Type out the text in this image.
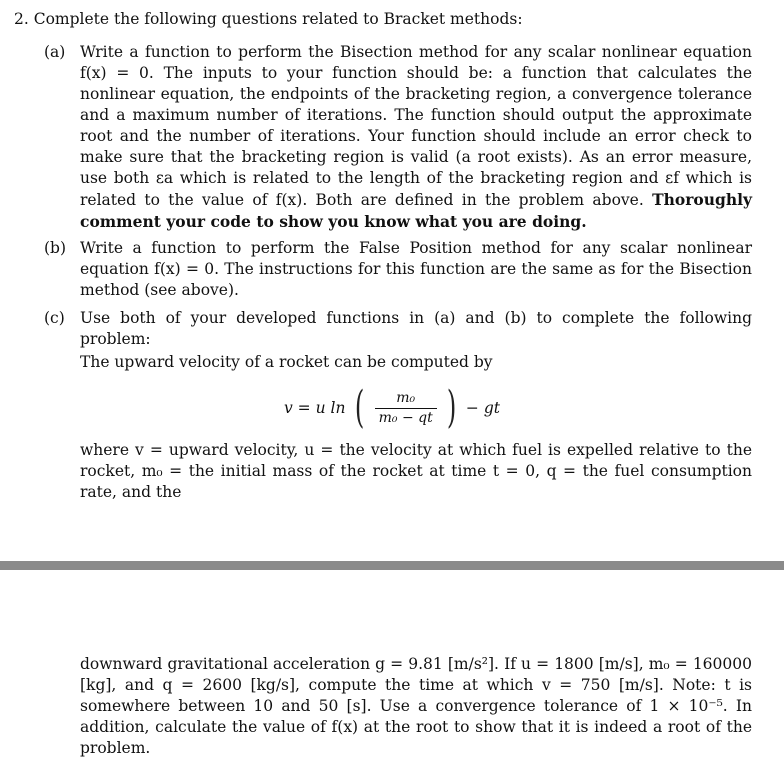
2. Complete the following questions related to Bracket methods:
(a) Write a function to perform the Bisection method for any scalar nonlinear equation f(x) = 0. The inputs to your function should be: a function that calculates the nonlinear equation, the endpoints of the bracketing region, a convergence tolerance and a maximum number of iterations. The function should output the approximate root and the number of iterations. Your function should include an error check to make sure that the bracketing region is valid (a root exists). As an error measure, use both εa which is related to the length of the bracketing region and εf which is related to the value of f(x). Both are defined in the problem above. Thoroughly comment your code to show you know what you are doing.
(b) Write a function to perform the False Position method for any scalar nonlinear equation f(x) = 0. The instructions for this function are the same as for the Bisection method (see above).
(c) Use both of your developed functions in (a) and (b) to complete the following problem:
The upward velocity of a rocket can be computed by
v = u ln ( $\frac{\text{m₀}}{\text{m₀ − qt}}$ ) − gt
where v = upward velocity, u = the velocity at which fuel is expelled relative to the rocket, m₀ = the initial mass of the rocket at time t = 0, q = the fuel consumption rate, and the
downward gravitational acceleration g = 9.81 [m/s²]. If u = 1800 [m/s], m₀ = 160000 [kg], and q = 2600 [kg/s], compute the time at which v = 750 [m/s]. Note: t is somewhere between 10 and 50 [s]. Use a convergence tolerance of 1 × 10⁻⁵. In addition, calculate the value of f(x) at the root to show that it is indeed a root of the problem.
